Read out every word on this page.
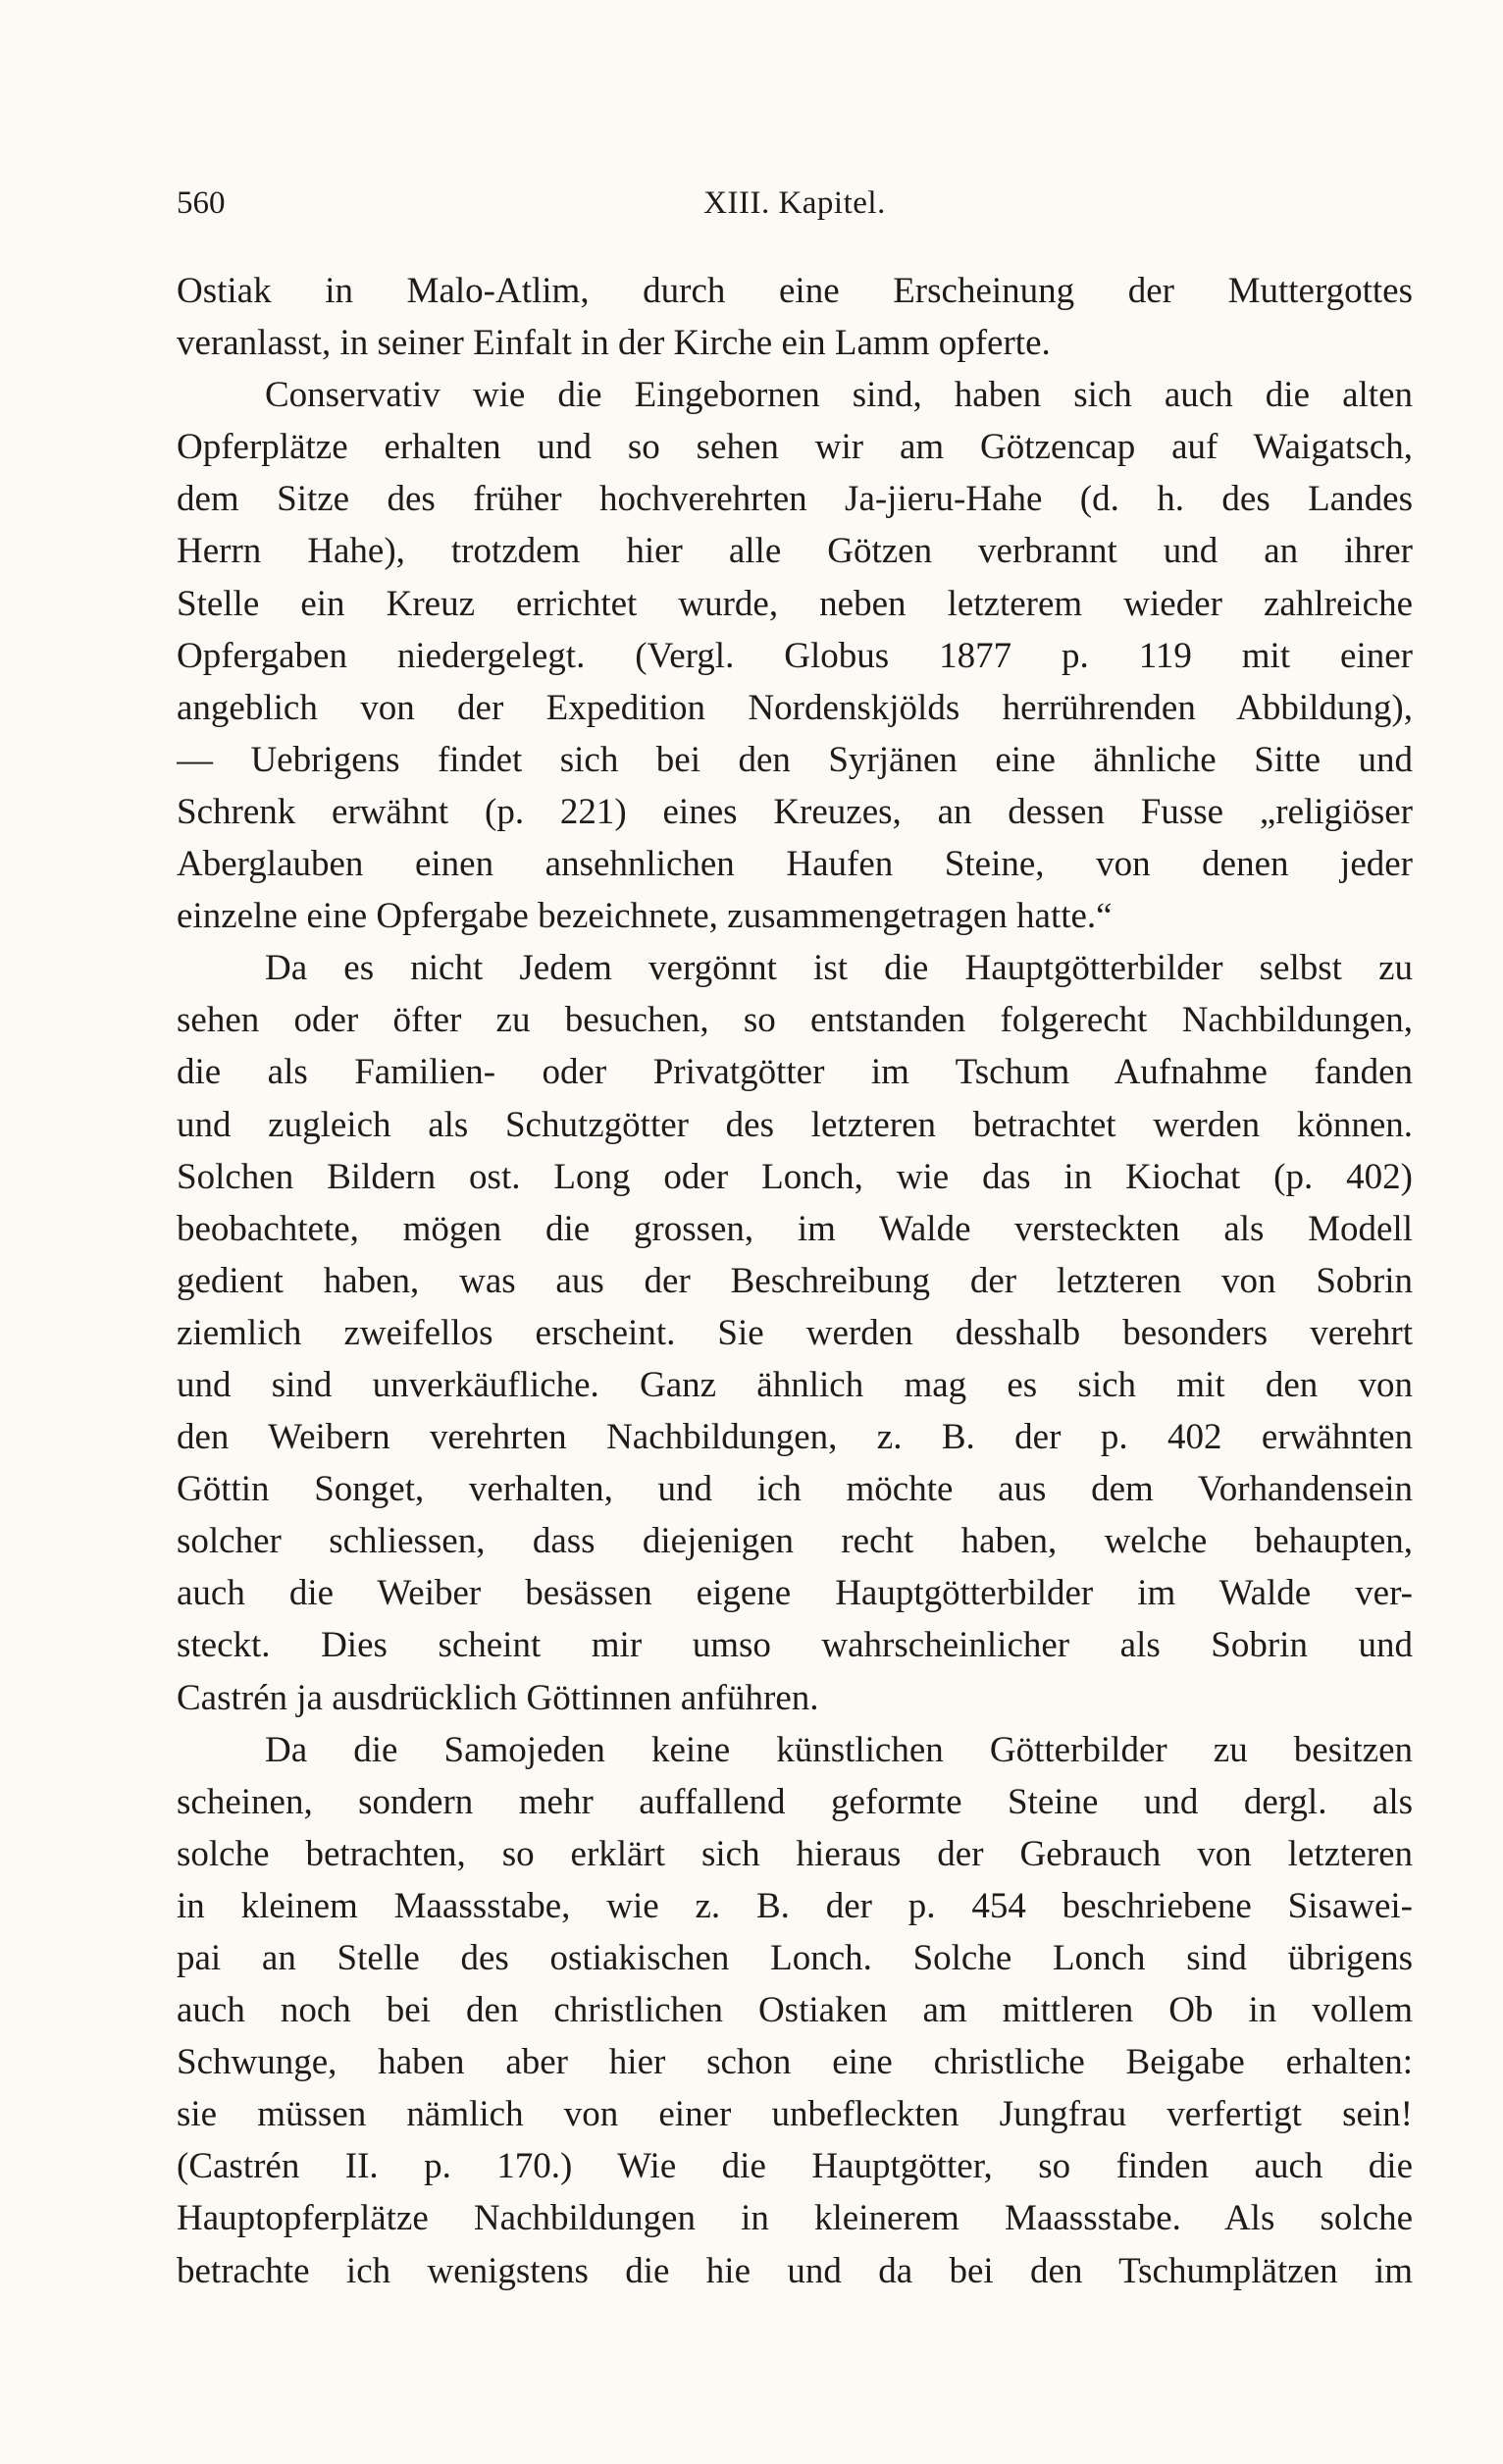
560	XIII. Kapitel.
Ostiak in Malo-Atlim, durch eine Erscheinung der Muttergottes
veranlasst, in seiner Einfalt in der Kirche ein Lamm opferte.
Conservativ wie die Eingebornen sind, haben sich auch die alten
Opferplätze erhalten und so sehen wir am Götzencap auf Waigatsch,
dem Sitze des früher hochverehrten Ja-jieru-Hahe (d. h. des Landes
Herrn Hahe), trotzdem hier alle Götzen verbrannt und an ihrer
Stelle ein Kreuz errichtet wurde, neben letzterem wieder zahlreiche
Opfergaben niedergelegt. (Vergl. Globus 1877 p. 119 mit einer
angeblich von der Expedition Nordenskjölds herrührenden Abbildung),
— Uebrigens findet sich bei den Syrjänen eine ähnliche Sitte und
Schrenk erwähnt (p. 221) eines Kreuzes, an dessen Fusse „religiöser
Aberglauben einen ansehnlichen Haufen Steine, von denen jeder
einzelne eine Opfergabe bezeichnete, zusammengetragen hatte.“
Da es nicht Jedem vergönnt ist die Hauptgötterbilder selbst zu
sehen oder öfter zu besuchen, so entstanden folgerecht Nachbildungen,
die als Familien- oder Privatgötter im Tschum Aufnahme fanden
und zugleich als Schutzgötter des letzteren betrachtet werden können.
Solchen Bildern ost. Long oder Lonch, wie das in Kiochat (p. 402)
beobachtete, mögen die grossen, im Walde versteckten als Modell
gedient haben, was aus der Beschreibung der letzteren von Sobrin
ziemlich zweifellos erscheint. Sie werden desshalb besonders verehrt
und sind unverkäufliche. Ganz ähnlich mag es sich mit den von
den Weibern verehrten Nachbildungen, z. B. der p. 402 erwähnten
Göttin Songet, verhalten, und ich möchte aus dem Vorhandensein
solcher schliessen, dass diejenigen recht haben, welche behaupten,
auch die Weiber besässen eigene Hauptgötterbilder im Walde ver-
steckt. Dies scheint mir umso wahrscheinlicher als Sobrin und
Castrén ja ausdrücklich Göttinnen anführen.
Da die Samojeden keine künstlichen Götterbilder zu besitzen
scheinen, sondern mehr auffallend geformte Steine und dergl. als
solche betrachten, so erklärt sich hieraus der Gebrauch von letzteren
in kleinem Maassstabe, wie z. B. der p. 454 beschriebene Sisawei-
pai an Stelle des ostiakischen Lonch. Solche Lonch sind übrigens
auch noch bei den christlichen Ostiaken am mittleren Ob in vollem
Schwunge, haben aber hier schon eine christliche Beigabe erhalten:
sie müssen nämlich von einer unbefleckten Jungfrau verfertigt sein!
(Castrén II. p. 170.) Wie die Hauptgötter, so finden auch die
Hauptopferplätze Nachbildungen in kleinerem Maassstabe. Als solche
betrachte ich wenigstens die hie und da bei den Tschumplätzen im
